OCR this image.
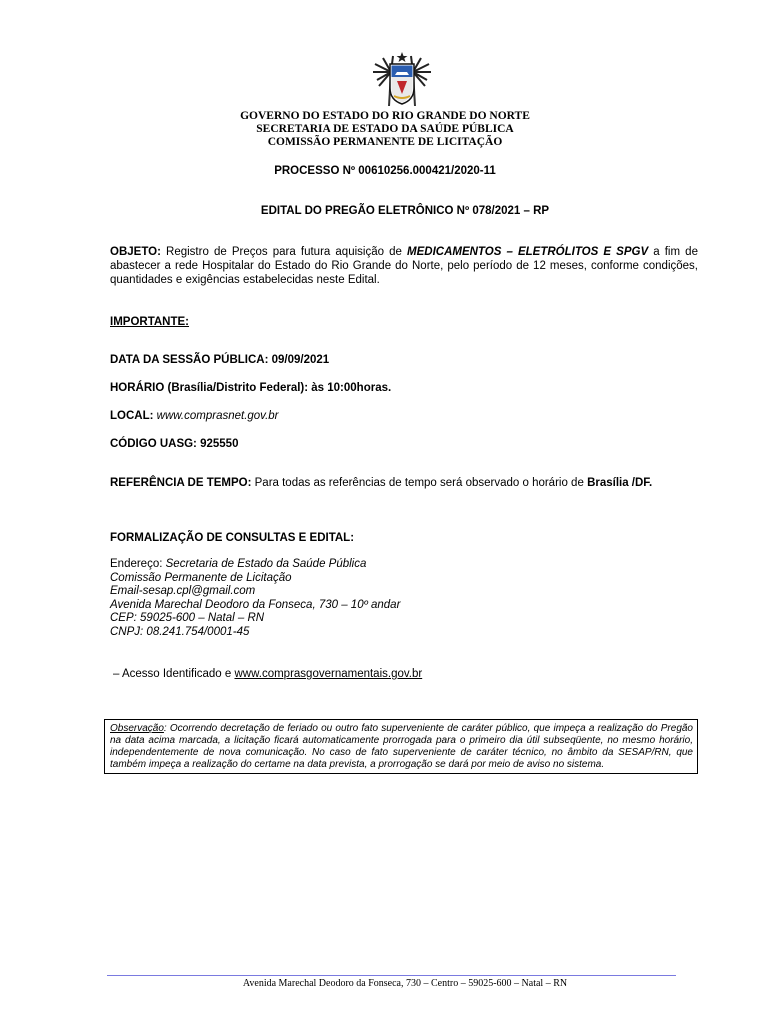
GOVERNO DO ESTADO DO RIO GRANDE DO NORTE
SECRETARIA DE ESTADO DA SAÚDE PÚBLICA
COMISSÃO PERMANENTE DE LICITAÇÃO
PROCESSO Nº 00610256.000421/2020-11
EDITAL DO PREGÃO ELETRÔNICO Nº 078/2021 – RP
OBJETO: Registro de Preços para futura aquisição de MEDICAMENTOS – ELETRÓLITOS E SPGV a fim de abastecer a rede Hospitalar do Estado do Rio Grande do Norte, pelo período de 12 meses, conforme condições, quantidades e exigências estabelecidas neste Edital.
IMPORTANTE:
DATA DA SESSÃO PÚBLICA: 09/09/2021
HORÁRIO (Brasília/Distrito Federal): às 10:00horas.
LOCAL: www.comprasnet.gov.br
CÓDIGO UASG: 925550
REFERÊNCIA DE TEMPO: Para todas as referências de tempo será observado o horário de Brasília /DF.
FORMALIZAÇÃO DE CONSULTAS E EDITAL:
Endereço: Secretaria de Estado da Saúde Pública
Comissão Permanente de Licitação
Email-sesap.cpl@gmail.com
Avenida Marechal Deodoro da Fonseca, 730 – 10º andar
CEP: 59025-600 – Natal – RN
CNPJ: 08.241.754/0001-45
– Acesso Identificado e www.comprasgovernamentais.gov.br
Observação: Ocorrendo decretação de feriado ou outro fato superveniente de caráter público, que impeça a realização do Pregão na data acima marcada, a licitação ficará automaticamente prorrogada para o primeiro dia útil subseqüente, no mesmo horário, independentemente de nova comunicação. No caso de fato superveniente de caráter técnico, no âmbito da SESAP/RN, que também impeça a realização do certame na data prevista, a prorrogação se dará por meio de aviso no sistema.
Avenida Marechal Deodoro da Fonseca, 730 – Centro – 59025-600 – Natal – RN
